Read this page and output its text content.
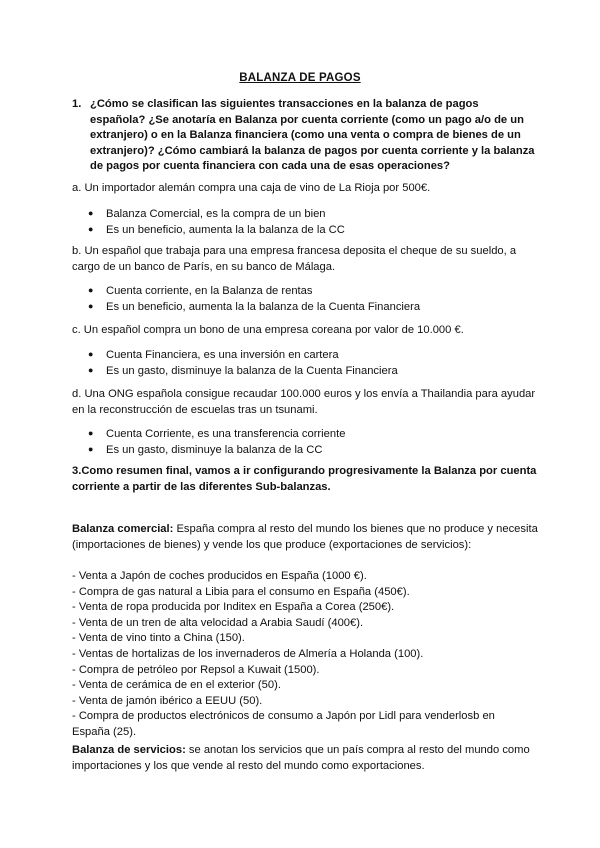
BALANZA DE PAGOS
1. ¿Cómo se clasifican las siguientes transacciones en la balanza de pagos española? ¿Se anotaría en Balanza por cuenta corriente (como un pago a/o de un extranjero) o en la Balanza financiera (como una venta o compra de bienes de un extranjero)? ¿Cómo cambiará la balanza de pagos por cuenta corriente y la balanza de pagos por cuenta financiera con cada una de esas operaciones?
a. Un importador alemán compra una caja de vino de La Rioja por 500€.
● Balanza Comercial, es la compra de un bien
● Es un beneficio, aumenta la la balanza de la CC
b. Un español que trabaja para una empresa francesa deposita el cheque de su sueldo, a cargo de un banco de París, en su banco de Málaga.
● Cuenta corriente, en la Balanza de rentas
● Es un beneficio, aumenta la la balanza de la Cuenta Financiera
c. Un español compra un bono de una empresa coreana por valor de 10.000 €.
● Cuenta Financiera, es una inversión en cartera
● Es un gasto, disminuye la balanza de la Cuenta Financiera
d. Una ONG española consigue recaudar 100.000 euros y los envía a Thailandia para ayudar en la reconstrucción de escuelas tras un tsunami.
● Cuenta Corriente, es una transferencia corriente
● Es un gasto, disminuye la balanza de la CC
3.Como resumen final, vamos a ir configurando progresivamente la Balanza por cuenta
corriente a partir de las diferentes Sub-balanzas.
Balanza comercial: España compra al resto del mundo los bienes que no produce y necesita (importaciones de bienes) y vende los que produce (exportaciones de servicios):
- Venta a Japón de coches producidos en España (1000 €).
- Compra de gas natural a Libia para el consumo en España (450€).
- Venta de ropa producida por Inditex en España a Corea (250€).
- Venta de un tren de alta velocidad a Arabia Saudí (400€).
- Venta de vino tinto a China (150).
- Ventas de hortalizas de los invernaderos de Almería a Holanda (100).
- Compra de petróleo por Repsol a Kuwait (1500).
- Venta de cerámica de en el exterior (50).
- Venta de jamón ibérico a EEUU (50).
- Compra de productos electrónicos de consumo a Japón por Lidl para venderlosb en
España (25).
Balanza de servicios: se anotan los servicios que un país compra al resto del mundo como importaciones y los que vende al resto del mundo como exportaciones.
